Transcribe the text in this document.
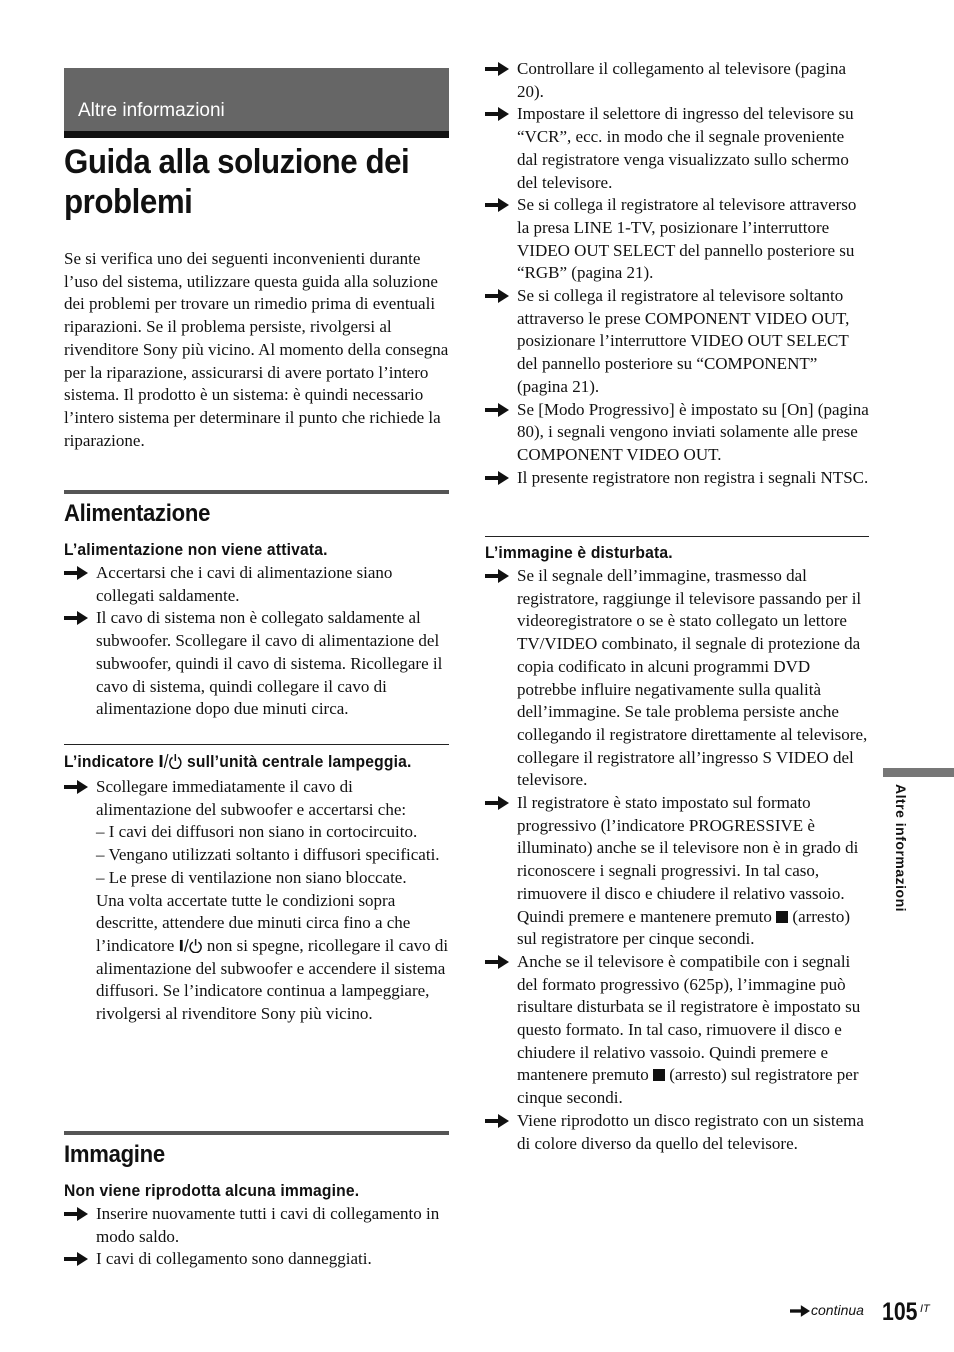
Altre informazioni
Guida alla soluzione dei
problemi

Se si verifica uno dei seguenti inconvenienti durante l’uso del sistema, utilizzare questa guida alla soluzione dei problemi per trovare un rimedio prima di eventuali riparazioni. Se il problema persiste, rivolgersi al rivenditore Sony più vicino. Al momento della consegna per la riparazione, assicurarsi di avere portato l’intero sistema. Il prodotto è un sistema: è quindi necessario l’intero sistema per determinare il punto che richiede la riparazione.

Alimentazione
L’alimentazione non viene attivata.
Accertarsi che i cavi di alimentazione siano collegati saldamente.
Il cavo di sistema non è collegato saldamente al subwoofer. Scollegare il cavo di alimentazione del subwoofer, quindi il cavo di sistema. Ricollegare il cavo di sistema, quindi collegare il cavo di alimentazione dopo due minuti circa.
L’indicatore sull’unità centrale lampeggia.
Scollegare immediatamente il cavo di alimentazione del subwoofer e accertarsi che:
– I cavi dei diffusori non siano in cortocircuito.
– Vengano utilizzati soltanto i diffusori specificati.
– Le prese di ventilazione non siano bloccate.
Una volta accertate tutte le condizioni sopra descritte, attendere due minuti circa fino a che l’indicatore non si spegne, ricollegare il cavo di alimentazione del subwoofer e accendere il sistema diffusori. Se l’indicatore continua a lampeggiare, rivolgersi al rivenditore Sony più vicino.
Immagine
Non viene riprodotta alcuna immagine.
Inserire nuovamente tutti i cavi di collegamento in modo saldo.
I cavi di collegamento sono danneggiati.
Controllare il collegamento al televisore (pagina 20).
Impostare il selettore di ingresso del televisore su “VCR”, ecc. in modo che il segnale proveniente dal registratore venga visualizzato sullo schermo del televisore.
Se si collega il registratore al televisore attraverso la presa LINE 1-TV, posizionare l’interruttore VIDEO OUT SELECT del pannello posteriore su “RGB” (pagina 21).
Se si collega il registratore al televisore soltanto attraverso le prese COMPONENT VIDEO OUT, posizionare l’interruttore VIDEO OUT SELECT del pannello posteriore su “COMPONENT” (pagina 21).
Se [Modo Progressivo] è impostato su [On] (pagina 80), i segnali vengono inviati solamente alle prese COMPONENT VIDEO OUT.
Il presente registratore non registra i segnali NTSC.
L’immagine è disturbata.
Se il segnale dell’immagine, trasmesso dal registratore, raggiunge il televisore passando per il videoregistratore o se è stato collegato un lettore TV/VIDEO combinato, il segnale di protezione da copia codificato in alcuni programmi DVD potrebbe influire negativamente sulla qualità dell’immagine. Se tale problema persiste anche collegando il registratore direttamente al televisore, collegare il registratore all’ingresso S VIDEO del televisore.
Il registratore è stato impostato sul formato progressivo (l’indicatore PROGRESSIVE è illuminato) anche se il televisore non è in grado di riconoscere i segnali progressivi. In tal caso, rimuovere il disco e chiudere il relativo vassoio. Quindi premere e mantenere premuto (arresto) sul registratore per cinque secondi.
Anche se il televisore è compatibile con i segnali del formato progressivo (625p), l’immagine può risultare disturbata se il registratore è impostato su questo formato. In tal caso, rimuovere il disco e chiudere il relativo vassoio. Quindi premere e mantenere premuto (arresto) sul registratore per cinque secondi.
Viene riprodotto un disco registrato con un sistema di colore diverso da quello del televisore.
Altre informazioni
continua 105 IT
